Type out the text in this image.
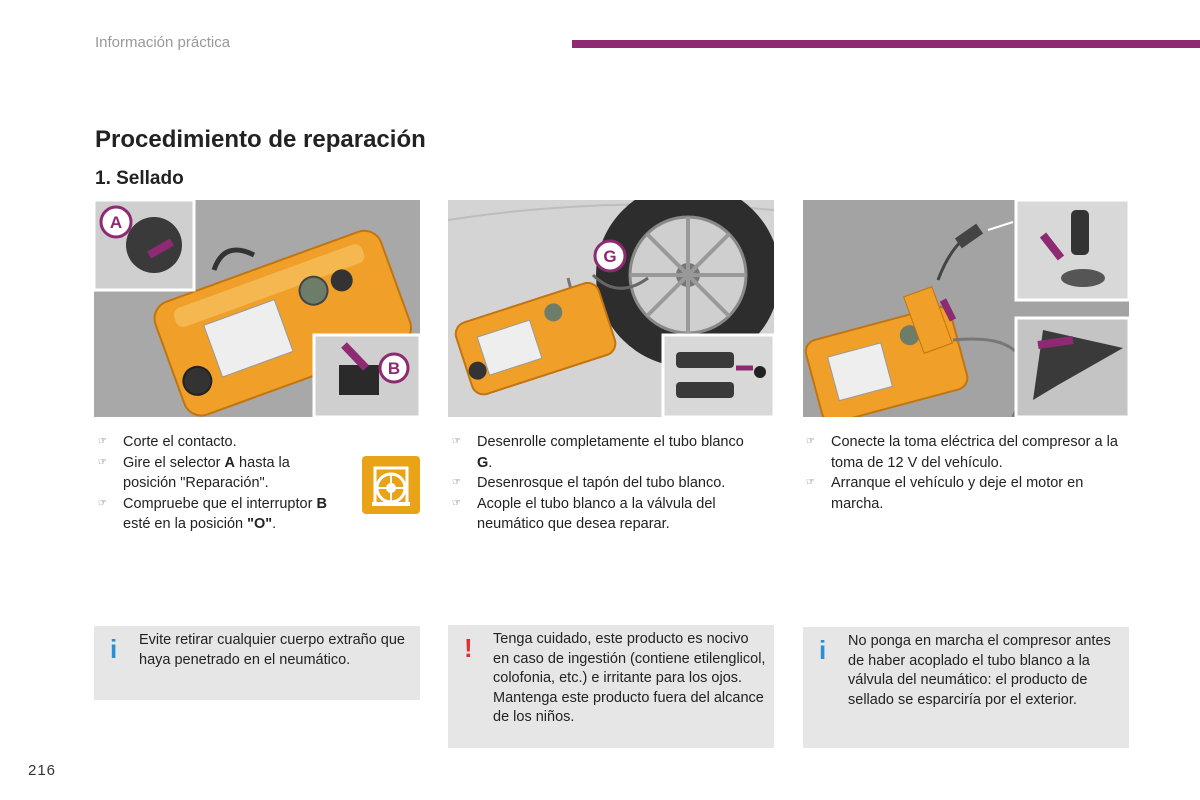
Información práctica
Procedimiento de reparación
1. Sellado
A
B
G
☞ Corte el contacto.
☞ Gire el selector A hasta la posición "Reparación".
☞ Compruebe que el interruptor B esté en la posición "O".
☞ Desenrolle completamente el tubo blanco G.
☞ Desenrosque el tapón del tubo blanco.
☞ Acople el tubo blanco a la válvula del neumático que desea reparar.
☞ Conecte la toma eléctrica del compresor a la toma de 12 V del vehículo.
☞ Arranque el vehículo y deje el motor en marcha.
i Evite retirar cualquier cuerpo extraño que haya penetrado en el neumático.	! Tenga cuidado, este producto es nocivo en caso de ingestión (contiene etilenglicol, colofonia, etc.) e irritante para los ojos.
Mantenga este producto fuera del alcance de los niños.
i No ponga en marcha el compresor antes de haber acoplado el tubo blanco a la válvula del neumático: el producto de sellado se esparciría por el exterior.
216
